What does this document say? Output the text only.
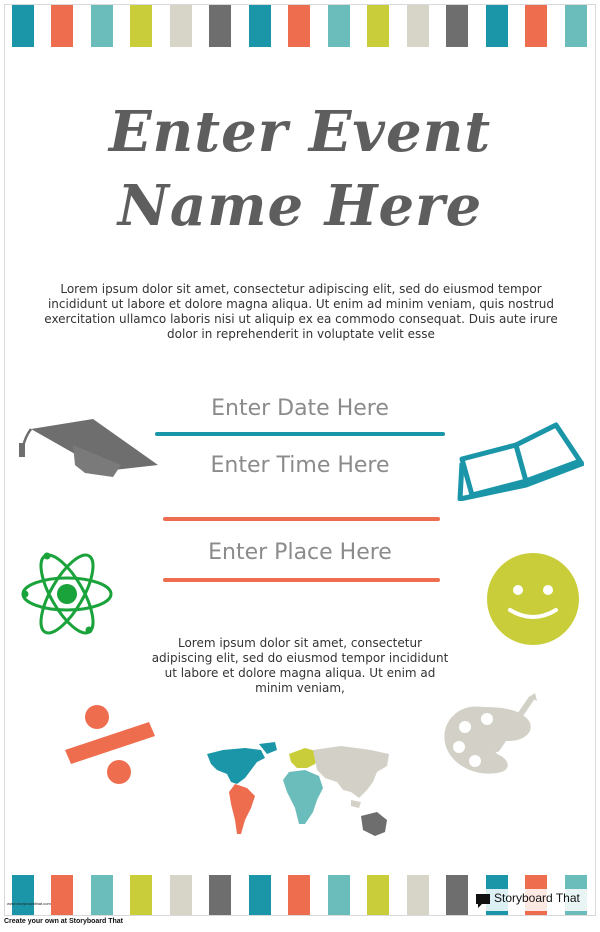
Enter Event
Name Here
Lorem ipsum dolor sit amet, consectetur adipiscing elit, sed do eiusmod tempor incididunt ut labore et dolore magna aliqua. Ut enim ad minim veniam, quis nostrud exercitation ullamco laboris nisi ut aliquip ex ea commodo consequat. Duis aute irure dolor in reprehenderit in voluptate velit esse
Enter Date Here
Enter Time Here
Enter Place Here
Lorem ipsum dolor sit amet, consectetur adipiscing elit, sed do eiusmod tempor incididunt ut labore et dolore magna aliqua. Ut enim ad minim veniam,
www.storyboardthat.com	Storyboard That
Create your own at Storyboard That
